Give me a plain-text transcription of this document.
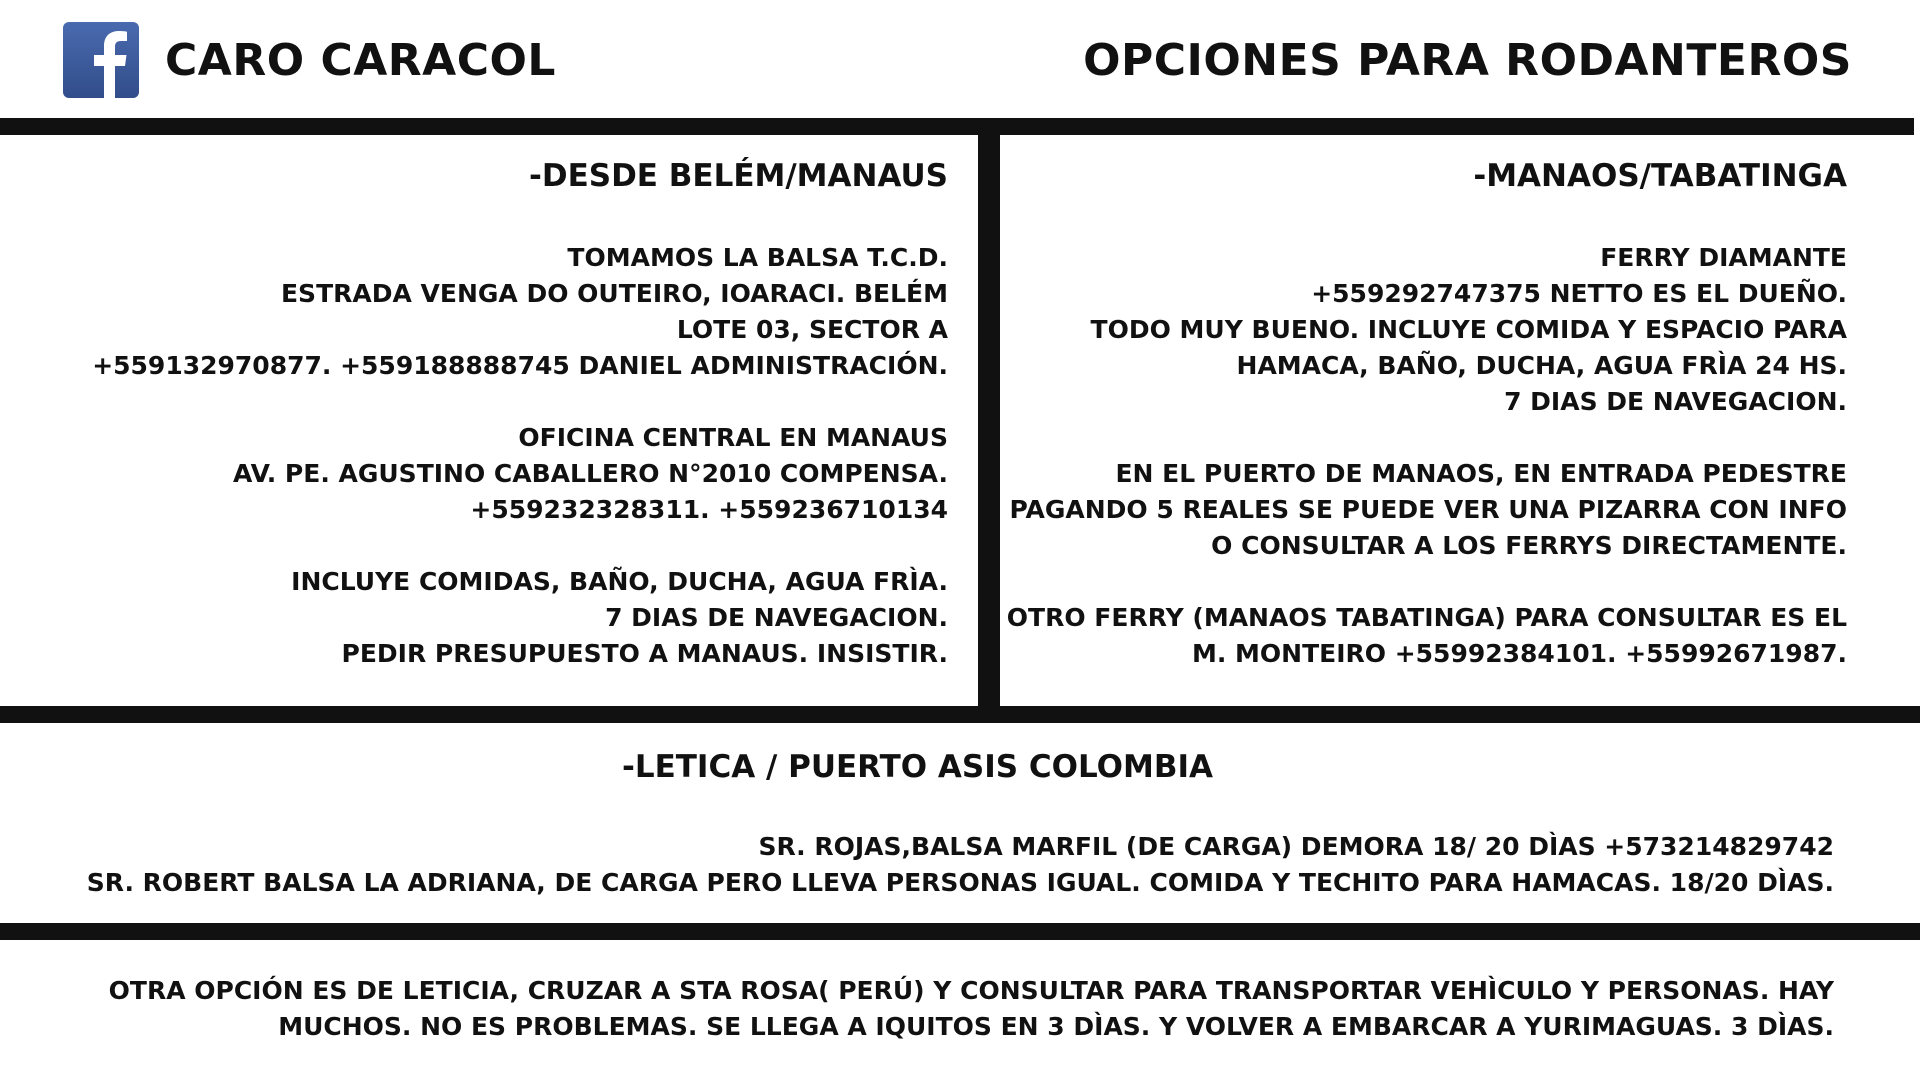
CARO CARACOL	OPCIONES PARA RODANTEROS
-DESDE BELÉM/MANAUS
TOMAMOS LA BALSA T.C.D.
ESTRADA VENGA DO OUTEIRO, IOARACI. BELÉM
LOTE 03, SECTOR A
+559132970877. +559188888745 DANIEL ADMINISTRACIÓN.
OFICINA CENTRAL EN MANAUS
AV. PE. AGUSTINO CABALLERO N°2010 COMPENSA.
+559232328311. +559236710134
INCLUYE COMIDAS, BAÑO, DUCHA, AGUA FRÌA.
7 DIAS DE NAVEGACION.
PEDIR PRESUPUESTO A MANAUS. INSISTIR.
-MANAOS/TABATINGA
FERRY DIAMANTE
+559292747375 NETTO ES EL DUEÑO.
TODO MUY BUENO. INCLUYE COMIDA Y ESPACIO PARA
HAMACA, BAÑO, DUCHA, AGUA FRÌA 24 HS.
7 DIAS DE NAVEGACION.
EN EL PUERTO DE MANAOS, EN ENTRADA PEDESTRE
PAGANDO 5 REALES SE PUEDE VER UNA PIZARRA CON INFO
O CONSULTAR A LOS FERRYS DIRECTAMENTE.
OTRO FERRY (MANAOS TABATINGA) PARA CONSULTAR ES EL
M. MONTEIRO +55992384101. +55992671987.
-LETICA / PUERTO ASIS COLOMBIA
SR. ROJAS,BALSA MARFIL (DE CARGA) DEMORA 18/ 20 DÌAS +573214829742
SR. ROBERT BALSA LA ADRIANA, DE CARGA PERO LLEVA PERSONAS IGUAL. COMIDA Y TECHITO PARA HAMACAS. 18/20 DÌAS.
OTRA OPCIÓN ES DE LETICIA, CRUZAR A STA ROSA( PERÚ) Y CONSULTAR PARA TRANSPORTAR VEHÌCULO Y PERSONAS. HAY
MUCHOS. NO ES PROBLEMAS. SE LLEGA A IQUITOS EN 3 DÌAS. Y VOLVER A EMBARCAR A YURIMAGUAS. 3 DÌAS.
